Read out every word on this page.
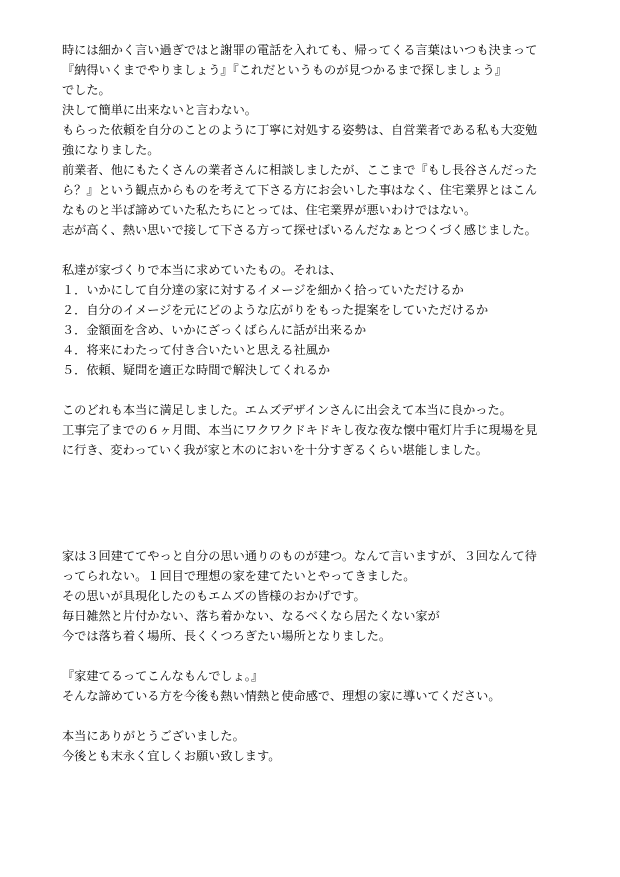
時には細かく言い過ぎではと謝罪の電話を入れても、帰ってくる言葉はいつも決まって
『納得いくまでやりましょう』『これだというものが見つかるまで探しましょう』
でした。
決して簡単に出来ないと言わない。
もらった依頼を自分のことのように丁寧に対処する姿勢は、自営業者である私も大変勉
強になりました。
前業者、他にもたくさんの業者さんに相談しましたが、ここまで『もし長谷さんだった
ら？』という観点からものを考えて下さる方にお会いした事はなく、住宅業界とはこん
なものと半ば諦めていた私たちにとっては、住宅業界が悪いわけではない。
志が高く、熱い思いで接して下さる方って探せばいるんだなぁとつくづく感じました。
私達が家づくりで本当に求めていたもの。それは、
１．いかにして自分達の家に対するイメージを細かく拾っていただけるか
２．自分のイメージを元にどのような広がりをもった提案をしていただけるか
３．金額面を含め、いかにざっくばらんに話が出来るか
４．将来にわたって付き合いたいと思える社風か
５．依頼、疑問を適正な時間で解決してくれるか
このどれも本当に満足しました。エムズデザインさんに出会えて本当に良かった。
工事完了までの６ヶ月間、本当にワクワクドキドキし夜な夜な懐中電灯片手に現場を見
に行き、変わっていく我が家と木のにおいを十分すぎるくらい堪能しました。
家は３回建ててやっと自分の思い通りのものが建つ。なんて言いますが、３回なんて待
ってられない。１回目で理想の家を建てたいとやってきました。
その思いが具現化したのもエムズの皆様のおかげです。
毎日雑然と片付かない、落ち着かない、なるべくなら居たくない家が
今では落ち着く場所、長くくつろぎたい場所となりました。
『家建てるってこんなもんでしょ。』
そんな諦めている方を今後も熱い情熱と使命感で、理想の家に導いてください。
本当にありがとうございました。
今後とも末永く宜しくお願い致します。
